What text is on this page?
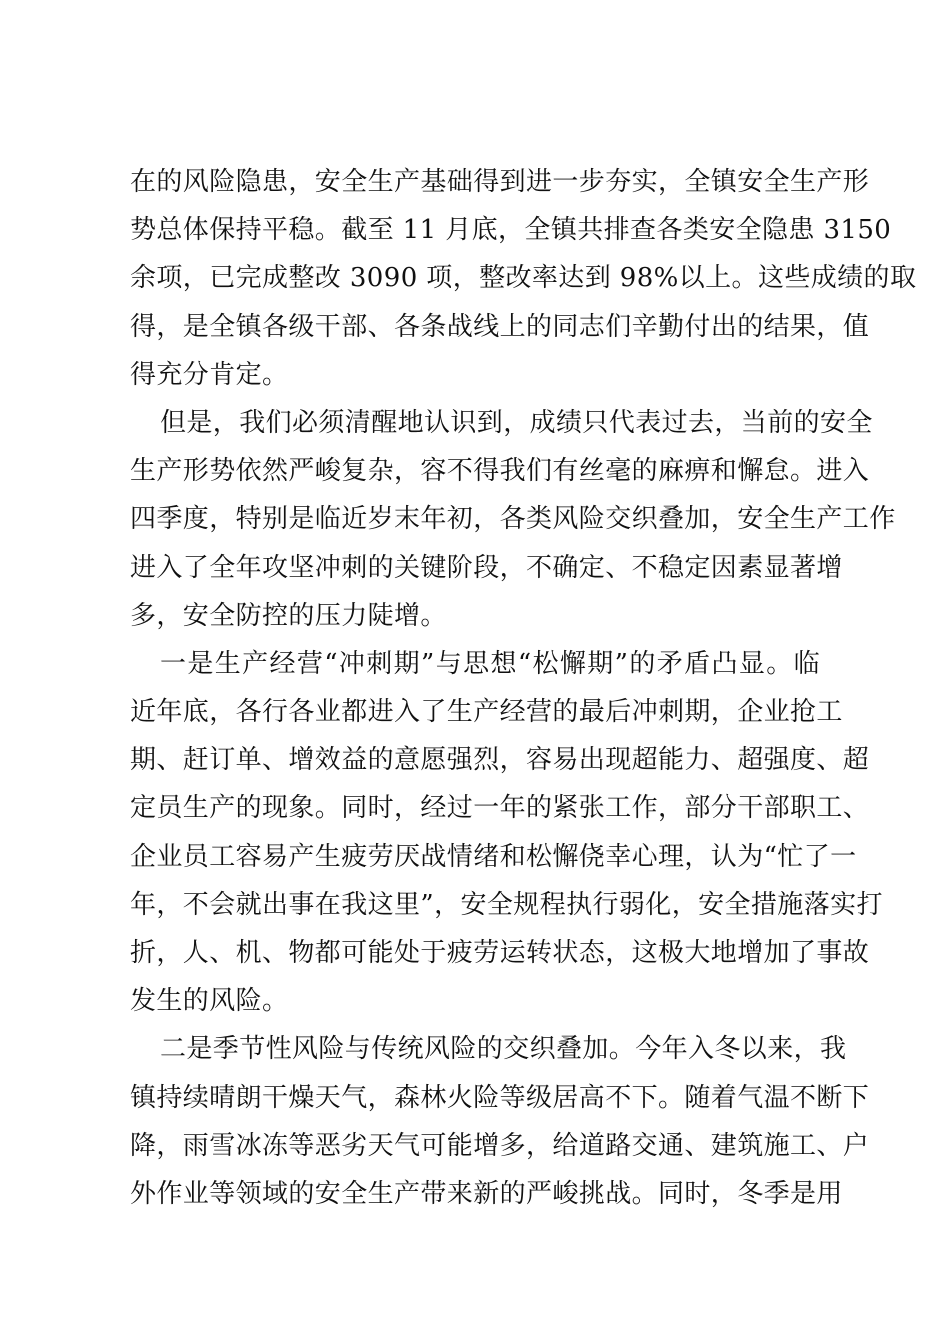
在的风险隐患，安全生产基础得到进一步夯实，全镇安全生产形
势总体保持平稳。截至 11 月底，全镇共排查各类安全隐患 3150
余项，已完成整改 3090 项，整改率达到 98%以上。这些成绩的取
得，是全镇各级干部、各条战线上的同志们辛勤付出的结果，值
得充分肯定。
但是，我们必须清醒地认识到，成绩只代表过去，当前的安全
生产形势依然严峻复杂，容不得我们有丝毫的麻痹和懈怠。进入
四季度，特别是临近岁末年初，各类风险交织叠加，安全生产工作
进入了全年攻坚冲刺的关键阶段，不确定、不稳定因素显著增
多，安全防控的压力陡增。
一是生产经营“冲刺期”与思想“松懈期”的矛盾凸显。临
近年底，各行各业都进入了生产经营的最后冲刺期，企业抢工
期、赶订单、增效益的意愿强烈，容易出现超能力、超强度、超
定员生产的现象。同时，经过一年的紧张工作，部分干部职工、
企业员工容易产生疲劳厌战情绪和松懈侥幸心理，认为“忙了一
年，不会就出事在我这里”，安全规程执行弱化，安全措施落实打
折，人、机、物都可能处于疲劳运转状态，这极大地增加了事故
发生的风险。
二是季节性风险与传统风险的交织叠加。今年入冬以来，我
镇持续晴朗干燥天气，森林火险等级居高不下。随着气温不断下
降，雨雪冰冻等恶劣天气可能增多，给道路交通、建筑施工、户
外作业等领域的安全生产带来新的严峻挑战。同时，冬季是用
